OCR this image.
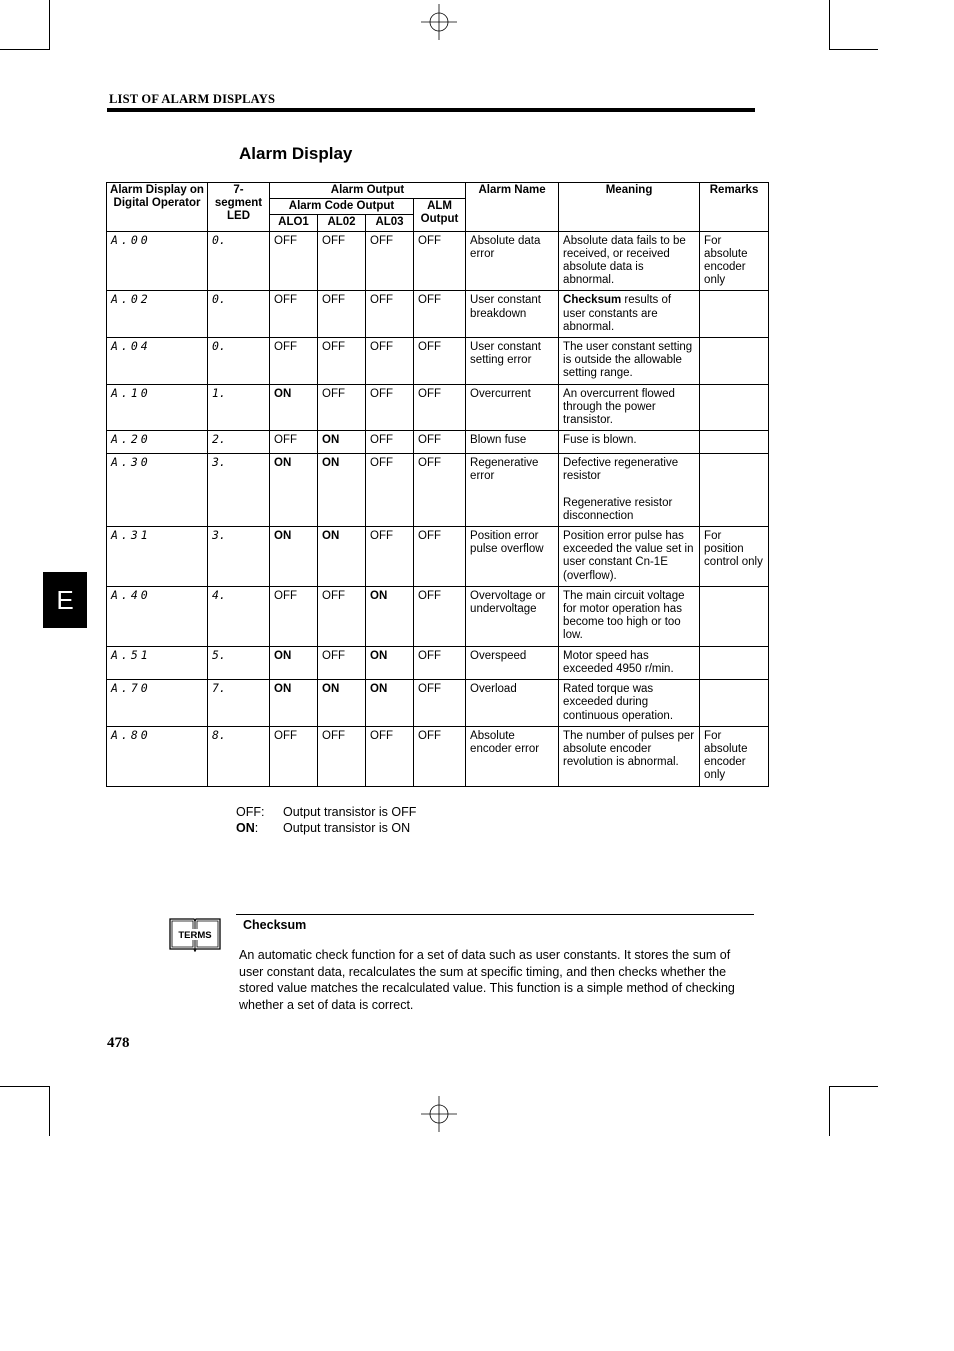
LIST OF ALARM DISPLAYS
Alarm Display
E
Alarm Display on Digital Operator	7-segment LED	Alarm Output				Alarm Name	Meaning	Remarks
		Alarm Code Output			ALM Output			
		ALO1	AL02	AL03				
A.00	0.	OFF	OFF	OFF	OFF	Absolute data error	Absolute data fails to be received, or received absolute data is abnormal.	For absolute encoder only
A.02	0.	OFF	OFF	OFF	OFF	User constant breakdown	Checksum results of user constants are abnormal.	
A.04	0.	OFF	OFF	OFF	OFF	User constant setting error	The user constant setting is outside the allowable setting range.	
A.10	1.	ON	OFF	OFF	OFF	Overcurrent	An overcurrent flowed through the power transistor.	
A.20	2.	OFF	ON	OFF	OFF	Blown fuse	Fuse is blown.	
A.30	3.	ON	ON	OFF	OFF	Regenerative error	Defective regenerative resistor
Regenerative resistor disconnection	

A.31	3.	ON	ON	OFF	OFF	Position error pulse overflow	Position error pulse has exceeded the value set in user constant Cn-1E (overflow).	For position control only
A.40	4.	OFF	OFF	ON	OFF	Overvoltage or undervoltage	The main circuit voltage for motor operation has become too high or too low.	
A.51	5.	ON	OFF	ON	OFF	Overspeed	Motor speed has exceeded 4950 r/min.	
A.70	7.	ON	ON	ON	OFF	Overload	Rated torque was exceeded during continuous operation.	
A.80	8.	OFF	OFF	OFF	OFF	Absolute encoder error	The number of pulses per absolute encoder revolution is abnormal.	For absolute encoder only
OFF: Output transistor is OFF
ON: Output transistor is ON
TERMS
Checksum
An automatic check function for a set of data such as user constants. It stores the sum of user constant data, recalculates the sum at specific timing, and then checks whether the stored value matches the recalculated value. This function is a simple method of checking whether a set of data is correct.
478
